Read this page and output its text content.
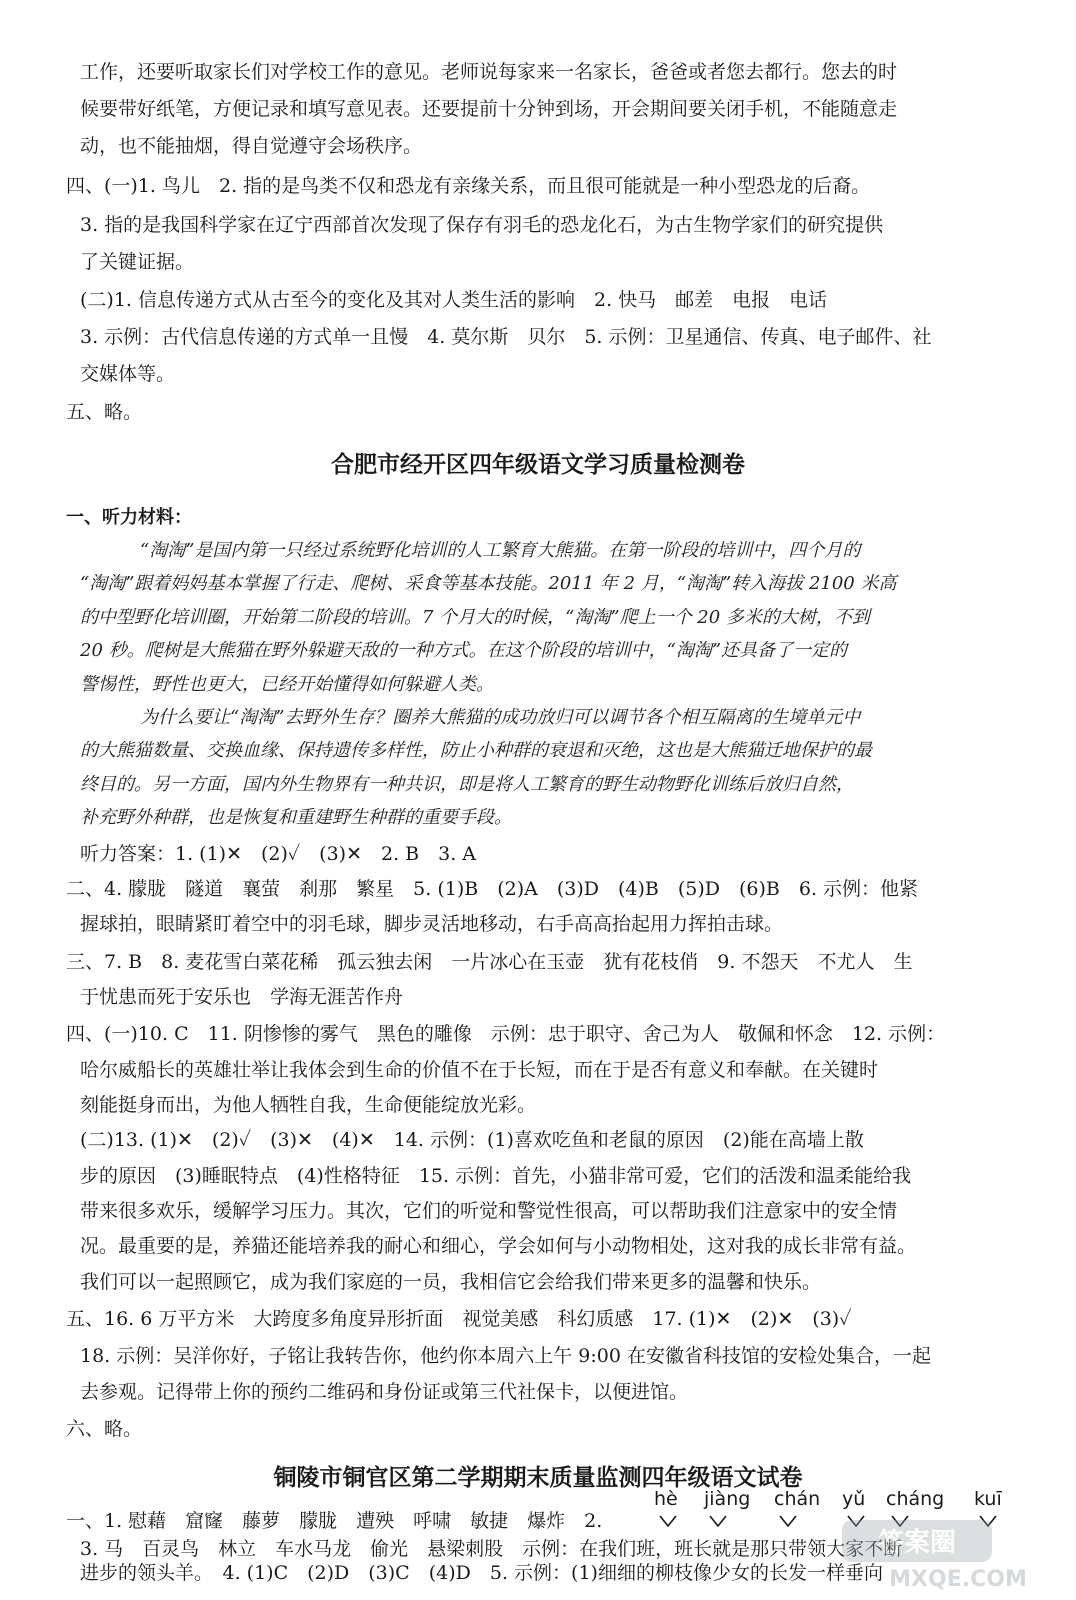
工作，还要听取家长们对学校工作的意见。老师说每家来一名家长，爸爸或者您去都行。您去的时
候要带好纸笔，方便记录和填写意见表。还要提前十分钟到场，开会期间要关闭手机，不能随意走
动，也不能抽烟，得自觉遵守会场秩序。
四、(一)1. 鸟儿　2. 指的是鸟类不仅和恐龙有亲缘关系，而且很可能就是一种小型恐龙的后裔。
3. 指的是我国科学家在辽宁西部首次发现了保存有羽毛的恐龙化石，为古生物学家们的研究提供
了关键证据。
(二)1. 信息传递方式从古至今的变化及其对人类生活的影响　2. 快马　邮差　电报　电话
3. 示例：古代信息传递的方式单一且慢　4. 莫尔斯　贝尔　5. 示例：卫星通信、传真、电子邮件、社
交媒体等。
五、略。
合肥市经开区四年级语文学习质量检测卷
一、听力材料：
“淘淘”是国内第一只经过系统野化培训的人工繁育大熊猫。在第一阶段的培训中，四个月的
“淘淘”跟着妈妈基本掌握了行走、爬树、采食等基本技能。2011 年 2 月，“淘淘”转入海拔 2100 米高
的中型野化培训圈，开始第二阶段的培训。7 个月大的时候，“淘淘”爬上一个 20 多米的大树，不到
20 秒。爬树是大熊猫在野外躲避天敌的一种方式。在这个阶段的培训中，“淘淘”还具备了一定的
警惕性，野性也更大，已经开始懂得如何躲避人类。
为什么要让“淘淘”去野外生存？圈养大熊猫的成功放归可以调节各个相互隔离的生境单元中
的大熊猫数量、交换血缘、保持遗传多样性，防止小种群的衰退和灭绝，这也是大熊猫迁地保护的最
终目的。另一方面，国内外生物界有一种共识，即是将人工繁育的野生动物野化训练后放归自然，
补充野外种群，也是恢复和重建野生种群的重要手段。
听力答案：1. (1)✕　(2)✓　(3)✕　2. B　3. A
二、4. 朦胧　隧道　襄萤　刹那　繁星　5. (1)B　(2)A　(3)D　(4)B　(5)D　(6)B　6. 示例：他紧
握球拍，眼睛紧盯着空中的羽毛球，脚步灵活地移动，右手高高抬起用力挥拍击球。
三、7. B　8. 麦花雪白菜花稀　孤云独去闲　一片冰心在玉壶　犹有花枝俏　9. 不怨天　不尤人　生
于忧患而死于安乐也　学海无涯苦作舟
四、(一)10. C　11. 阴惨惨的雾气　黑色的雕像　示例：忠于职守、舍己为人　敬佩和怀念　12. 示例：
哈尔威船长的英雄壮举让我体会到生命的价值不在于长短，而在于是否有意义和奉献。在关键时
刻能挺身而出，为他人牺牲自我，生命便能绽放光彩。
(二)13. (1)✕　(2)✓　(3)✕　(4)✕　14. 示例：(1)喜欢吃鱼和老鼠的原因　(2)能在高墙上散
步的原因　(3)睡眠特点　(4)性格特征　15. 示例：首先，小猫非常可爱，它们的活泼和温柔能给我
带来很多欢乐，缓解学习压力。其次，它们的听觉和警觉性很高，可以帮助我们注意家中的安全情
况。最重要的是，养猫还能培养我的耐心和细心，学会如何与小动物相处，这对我的成长非常有益。
我们可以一起照顾它，成为我们家庭的一员，我相信它会给我们带来更多的温馨和快乐。
五、16. 6 万平方米　大跨度多角度异形折面　视觉美感　科幻质感　17. (1)✕　(2)✕　(3)✓
18. 示例：吴洋你好，子铭让我转告你，他约你本周六上午 9:00 在安徽省科技馆的安检处集合，一起
去参观。记得带上你的预约二维码和身份证或第三代社保卡，以便进馆。
六、略。
铜陵市铜官区第二学期期末质量监测四年级语文试卷
一、1. 慰藉　窟窿　藤萝　朦胧　遭殃　呼啸　敏捷　爆炸　2.
hè jiàng chán yǔ cháng kuī
3. 马　百灵鸟　林立　车水马龙　偷光　悬梁刺股　示例：在我们班，班长就是那只带领大家不断
进步的领头羊。　4. (1)C　(2)D　(3)C　(4)D　5. 示例：(1)细细的柳枝像少女的长发一样垂向
答案圈
MXQE.COM
